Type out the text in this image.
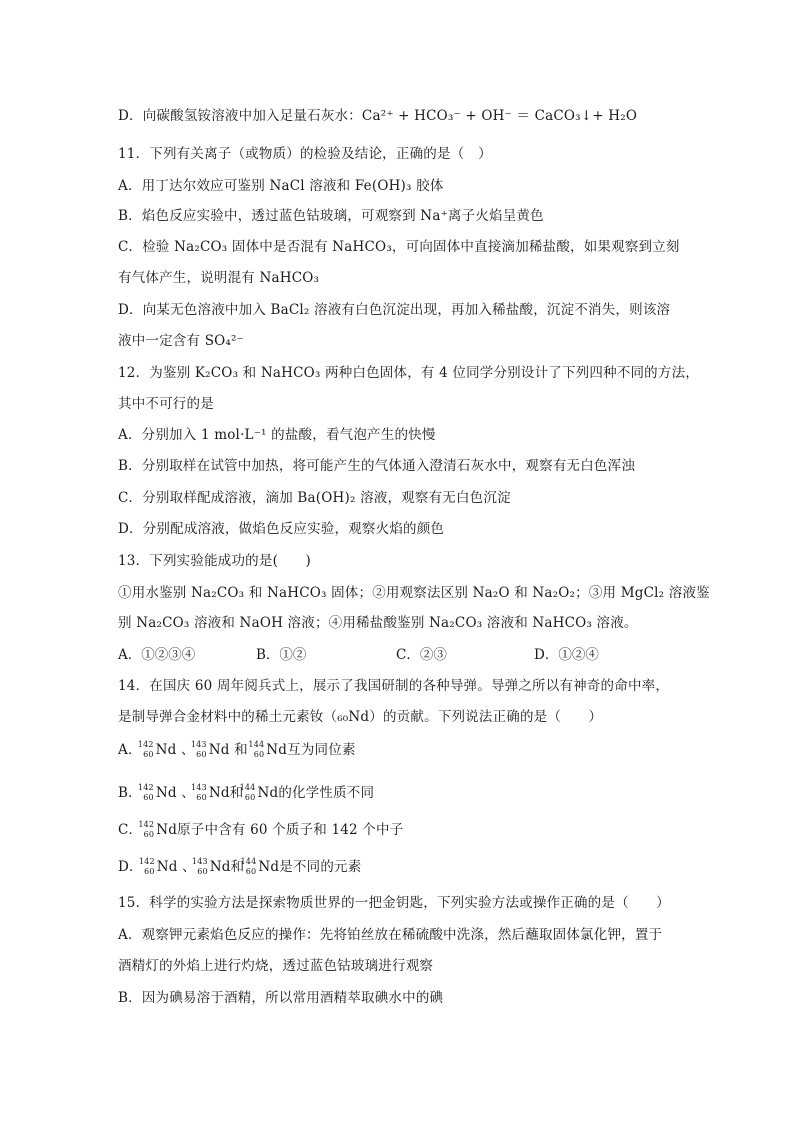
D．向碳酸氢铵溶液中加入足量石灰水：Ca²⁺ + HCO₃⁻ + OH⁻ ＝ CaCO₃↓+ H₂O
11．下列有关离子（或物质）的检验及结论，正确的是（　）
A．用丁达尔效应可鉴别 NaCl 溶液和 Fe(OH)₃ 胶体
B．焰色反应实验中，透过蓝色钴玻璃，可观察到 Na⁺离子火焰呈黄色
C．检验 Na₂CO₃ 固体中是否混有 NaHCO₃，可向固体中直接滴加稀盐酸，如果观察到立刻
有气体产生，说明混有 NaHCO₃
D．向某无色溶液中加入 BaCl₂ 溶液有白色沉淀出现，再加入稀盐酸，沉淀不消失，则该溶
液中一定含有 SO₄²⁻
12．为鉴别 K₂CO₃ 和 NaHCO₃ 两种白色固体，有 4 位同学分别设计了下列四种不同的方法，
其中不可行的是
A．分别加入 1 mol·L⁻¹ 的盐酸，看气泡产生的快慢
B．分别取样在试管中加热，将可能产生的气体通入澄清石灰水中，观察有无白色浑浊
C．分别取样配成溶液，滴加 Ba(OH)₂ 溶液，观察有无白色沉淀
D．分别配成溶液，做焰色反应实验，观察火焰的颜色
13．下列实验能成功的是(　　)
①用水鉴别 Na₂CO₃ 和 NaHCO₃ 固体；②用观察法区别 Na₂O 和 Na₂O₂；③用 MgCl₂ 溶液鉴
别 Na₂CO₃ 溶液和 NaOH 溶液；④用稀盐酸鉴别 Na₂CO₃ 溶液和 NaHCO₃ 溶液。
A．①②③④	B．①②	C．②③	D．①②④
14．在国庆 60 周年阅兵式上，展示了我国研制的各种导弹。导弹之所以有神奇的命中率，
是制导弹合金材料中的稀土元素钕（₆₀Nd）的贡献。下列说法正确的是（　　）
A．
142
60 Nd 、
143
60 Nd 和 144
60 Nd互为同位素
B．
142
60 Nd 、
143
60 Nd和
144
60 Nd的化学性质不同
C．
142
60 Nd原子中含有 60 个质子和 142 个中子
D．
142
60 Nd 、
143
60 Nd和
144
60 Nd是不同的元素
15．科学的实验方法是探索物质世界的一把金钥匙，下列实验方法或操作正确的是（　　）
A．观察钾元素焰色反应的操作：先将铂丝放在稀硫酸中洗涤，然后蘸取固体氯化钾，置于
酒精灯的外焰上进行灼烧，透过蓝色钴玻璃进行观察
B．因为碘易溶于酒精，所以常用酒精萃取碘水中的碘
